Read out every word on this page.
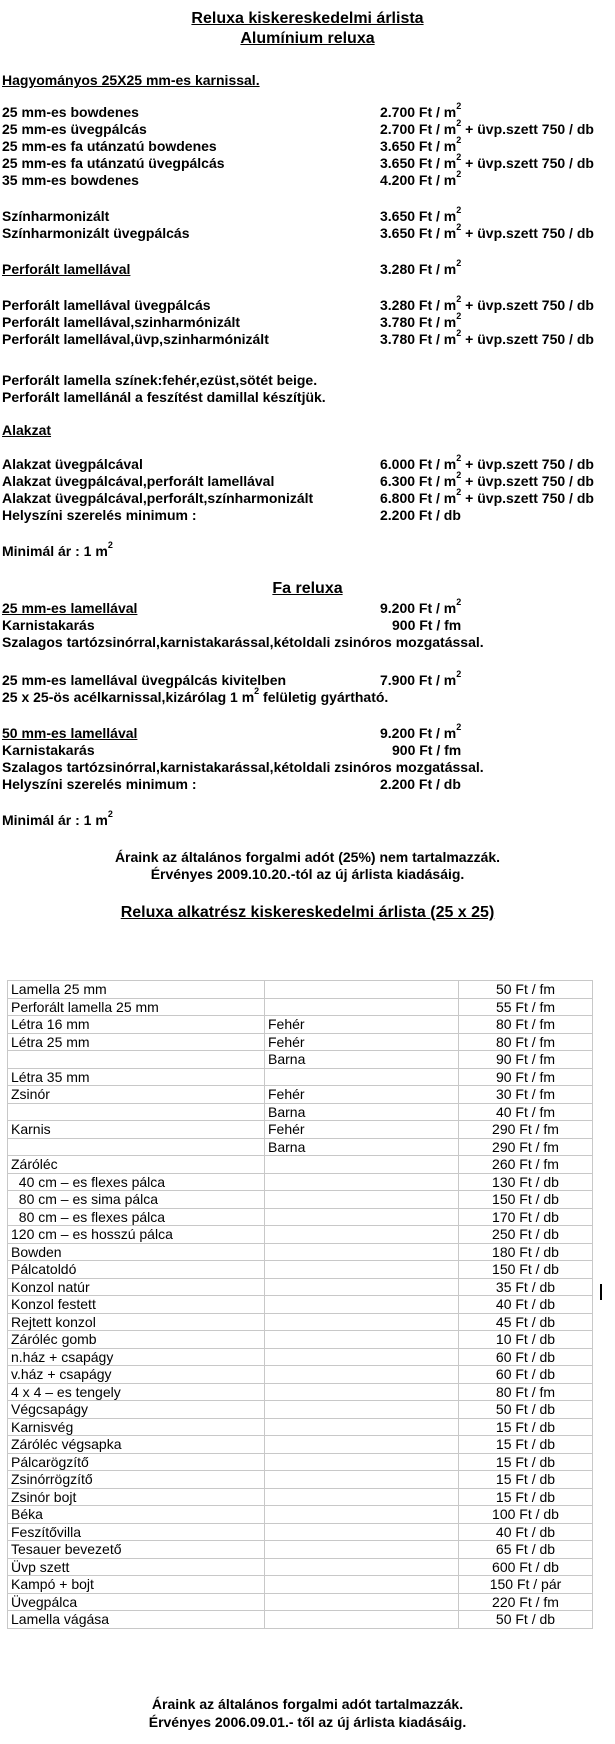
Reluxa kiskereskedelmi árlista
Alumínium reluxa
Hagyományos 25X25 mm-es karnissal.
25 mm-es bowdenes	2.700 Ft / $m^2$
25 mm-es üvegpálcás	2.700 Ft / $m^2$ + üvp.szett 750 / db
25 mm-es fa utánzatú bowdenes	3.650 Ft / $m^2$
25 mm-es fa utánzatú üvegpálcás	3.650 Ft / $m^2$ + üvp.szett 750 / db
35 mm-es bowdenes	4.200 Ft / $m^2$
Színharmonizált	3.650 Ft / $m^2$
Színharmonizált üvegpálcás	3.650 Ft / $m^2$ + üvp.szett 750 / db
Perforált lamellával	3.280 Ft / $m^2$
Perforált lamellával üvegpálcás	3.280 Ft / $m^2$ + üvp.szett 750 / db
Perforált lamellával,szinharmónizált	3.780 Ft / $m^2$
Perforált lamellával,üvp,szinharmónizált	3.780 Ft / $m^2$ + üvp.szett 750 / db
Alakzat üvegpálcával	6.000 Ft / $m^2$ + üvp.szett 750 / db
Alakzat üvegpálcával,perforált lamellával	6.300 Ft / $m^2$ + üvp.szett 750 / db
Alakzat üvegpálcával,perforált,színharmonizált	6.800 Ft / $m^2$ + üvp.szett 750 / db
Helyszíni szerelés minimum :	2.200 Ft / db
Perforált lamella színek:fehér,ezüst,sötét beige.
Perforált lamellánál a feszítést damillal készítjük.
Alakzat
Minimál ár : 1 $m^2$
Fa reluxa
25 mm-es lamellával	9.200 Ft / $m^2$
Karnistakarás	900 Ft / fm
Szalagos tartózsinórral,karnistakarással,kétoldali zsinóros mozgatással.
25 mm-es lamellával üvegpálcás kivitelben	7.900 Ft / $m^2$
25 x 25-ös acélkarnissal,kizárólag 1 $m^2$ felületig gyártható.
50 mm-es lamellával	9.200 Ft / $m^2$
Karnistakarás	900 Ft / fm
Szalagos tartózsinórral,karnistakarással,kétoldali zsinóros mozgatással.
Helyszíni szerelés minimum :	2.200 Ft / db
Minimál ár : 1 $m^2$
Áraink az általános forgalmi adót (25%) nem tartalmazzák.
Érvényes 2009.10.20.-tól az új árlista kiadásáig.
Reluxa alkatrész kiskereskedelmi árlista (25 x 25)
Lamella 25 mm		50 Ft / fm
Perforált lamella 25 mm		55 Ft / fm
Létra 16 mm	Fehér	80 Ft / fm
Létra 25 mm	Fehér	80 Ft / fm
	Barna	90 Ft / fm
Létra 35 mm		90 Ft / fm
Zsinór	Fehér	30 Ft / fm
	Barna	40 Ft / fm
Karnis	Fehér	290 Ft / fm
	Barna	290 Ft / fm
Záróléc		260 Ft / fm
40 cm – es flexes pálca		130 Ft / db
80 cm – es sima pálca		150 Ft / db
80 cm – es flexes pálca		170 Ft / db
120 cm – es hosszú pálca		250 Ft / db
Bowden		180 Ft / db
Pálcatoldó		150 Ft / db
Konzol natúr		35 Ft / db
Konzol festett		40 Ft / db
Rejtett konzol		45 Ft / db
Záróléc gomb		10 Ft / db
n.ház + csapágy		60 Ft / db
v.ház + csapágy		60 Ft / db
4 x 4 – es tengely		80 Ft / fm
Végcsapágy		50 Ft / db
Karnisvég		15 Ft / db
Záróléc végsapka		15 Ft / db
Pálcarögzítő		15 Ft / db
Zsinórrögzítő		15 Ft / db
Zsinór bojt		15 Ft / db
Béka		100 Ft / db
Feszítővilla		40 Ft / db
Tesauer bevezető		65 Ft / db
Üvp szett		600 Ft / db
Kampó + bojt		150 Ft / pár
Üvegpálca		220 Ft / fm
Lamella vágása		50 Ft / db
Áraink az általános forgalmi adót tartalmazzák.
Érvényes 2006.09.01.- től az új árlista kiadásáig.
